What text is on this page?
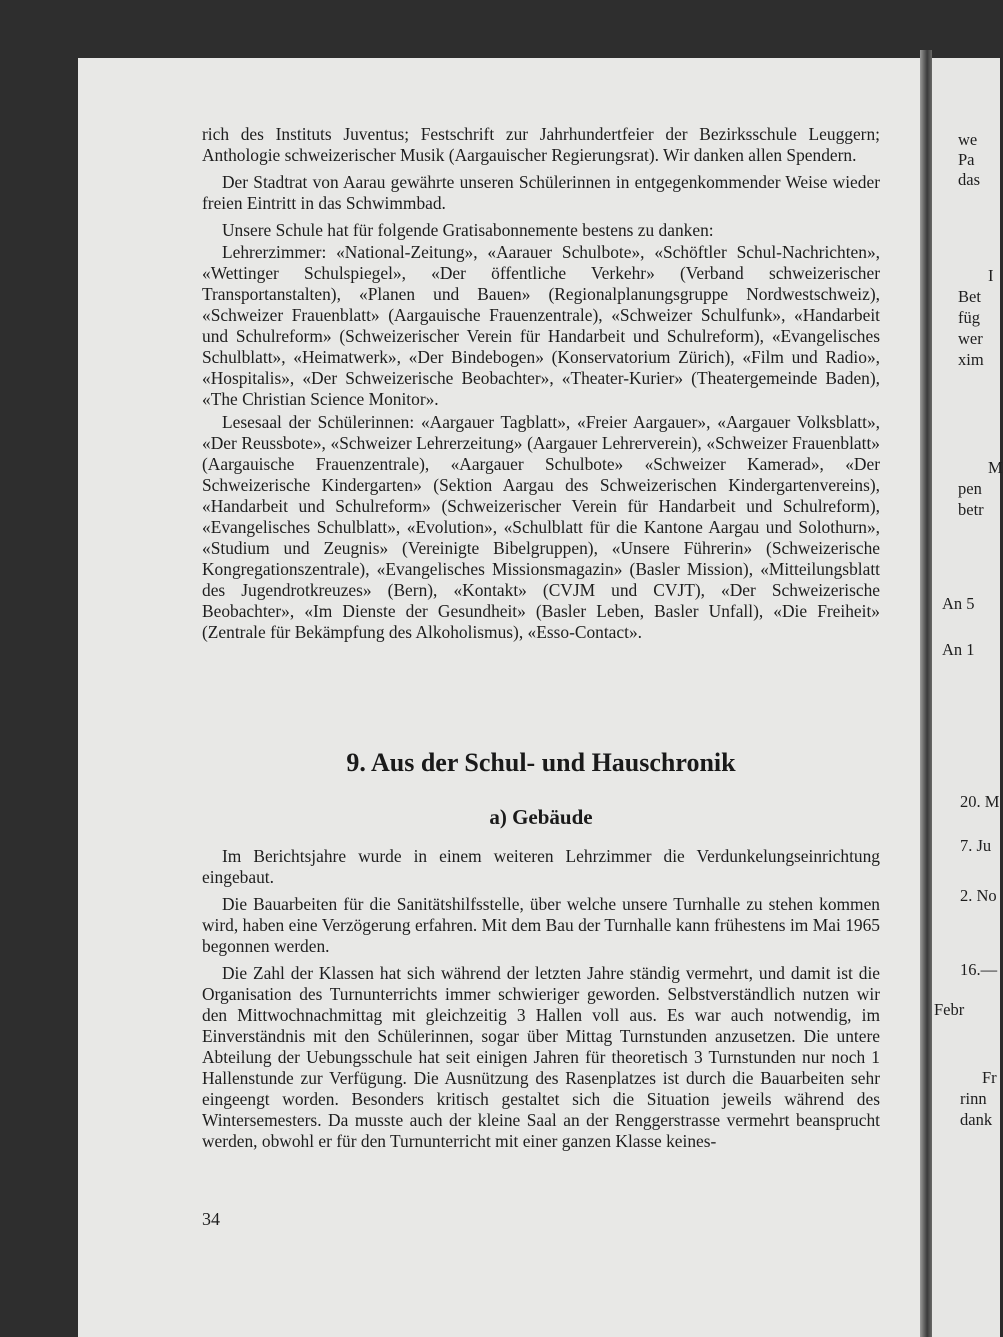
we
Pa
das
I
Bet
füg
wer
xim
M
pen
betr
An 5
An 1
20. M
7. Ju
2. No
16.—
Febr
Fr
rinn
dank

rich des Instituts Juventus; Festschrift zur Jahrhundertfeier der Bezirksschule Leuggern; Anthologie schweizerischer Musik (Aargauischer Regierungsrat). Wir danken allen Spendern.

Der Stadtrat von Aarau gewährte unseren Schülerinnen in entgegenkommender Weise wieder freien Eintritt in das Schwimmbad.

Unsere Schule hat für folgende Gratisabonnemente bestens zu danken:

Lehrerzimmer: «National-Zeitung», «Aarauer Schulbote», «Schöftler Schul-Nachrichten», «Wettinger Schulspiegel», «Der öffentliche Verkehr» (Verband schweizerischer Transportanstalten), «Planen und Bauen» (Regionalplanungsgruppe Nordwestschweiz), «Schweizer Frauenblatt» (Aargauische Frauenzentrale), «Schweizer Schulfunk», «Handarbeit und Schulreform» (Schweizerischer Verein für Handarbeit und Schulreform), «Evangelisches Schulblatt», «Heimatwerk», «Der Bindebogen» (Konservatorium Zürich), «Film und Radio», «Hospitalis», «Der Schweizerische Beobachter», «Theater-Kurier» (Theatergemeinde Baden), «The Christian Science Monitor».

Lesesaal der Schülerinnen: «Aargauer Tagblatt», «Freier Aargauer», «Aargauer Volksblatt», «Der Reussbote», «Schweizer Lehrerzeitung» (Aargauer Lehrerverein), «Schweizer Frauenblatt» (Aargauische Frauenzentrale), «Aargauer Schulbote» «Schweizer Kamerad», «Der Schweizerische Kindergarten» (Sektion Aargau des Schweizerischen Kindergartenvereins), «Handarbeit und Schulreform» (Schweizerischer Verein für Handarbeit und Schulreform), «Evangelisches Schulblatt», «Evolution», «Schulblatt für die Kantone Aargau und Solothurn», «Studium und Zeugnis» (Vereinigte Bibelgruppen), «Unsere Führerin» (Schweizerische Kongregationszentrale), «Evangelisches Missionsmagazin» (Basler Mission), «Mitteilungsblatt des Jugendrotkreuzes» (Bern), «Kontakt» (CVJM und CVJT), «Der Schweizerische Beobachter», «Im Dienste der Gesundheit» (Basler Leben, Basler Unfall), «Die Freiheit» (Zentrale für Bekämpfung des Alkoholismus), «Esso-Contact».

9. Aus der Schul- und Hauschronik
a) Gebäude

Im Berichtsjahre wurde in einem weiteren Lehrzimmer die Verdunkelungseinrichtung eingebaut.

Die Bauarbeiten für die Sanitätshilfsstelle, über welche unsere Turnhalle zu stehen kommen wird, haben eine Verzögerung erfahren. Mit dem Bau der Turnhalle kann frühestens im Mai 1965 begonnen werden.

Die Zahl der Klassen hat sich während der letzten Jahre ständig vermehrt, und damit ist die Organisation des Turnunterrichts immer schwieriger geworden. Selbstverständlich nutzen wir den Mittwochnachmittag mit gleichzeitig 3 Hallen voll aus. Es war auch notwendig, im Einverständnis mit den Schülerinnen, sogar über Mittag Turnstunden anzusetzen. Die untere Abteilung der Uebungsschule hat seit einigen Jahren für theoretisch 3 Turnstunden nur noch 1 Hallenstunde zur Verfügung. Die Ausnützung des Rasenplatzes ist durch die Bauarbeiten sehr eingeengt worden. Besonders kritisch gestaltet sich die Situation jeweils während des Wintersemesters. Da musste auch der kleine Saal an der Renggerstrasse vermehrt beansprucht werden, obwohl er für den Turnunterricht mit einer ganzen Klasse keines-

34
